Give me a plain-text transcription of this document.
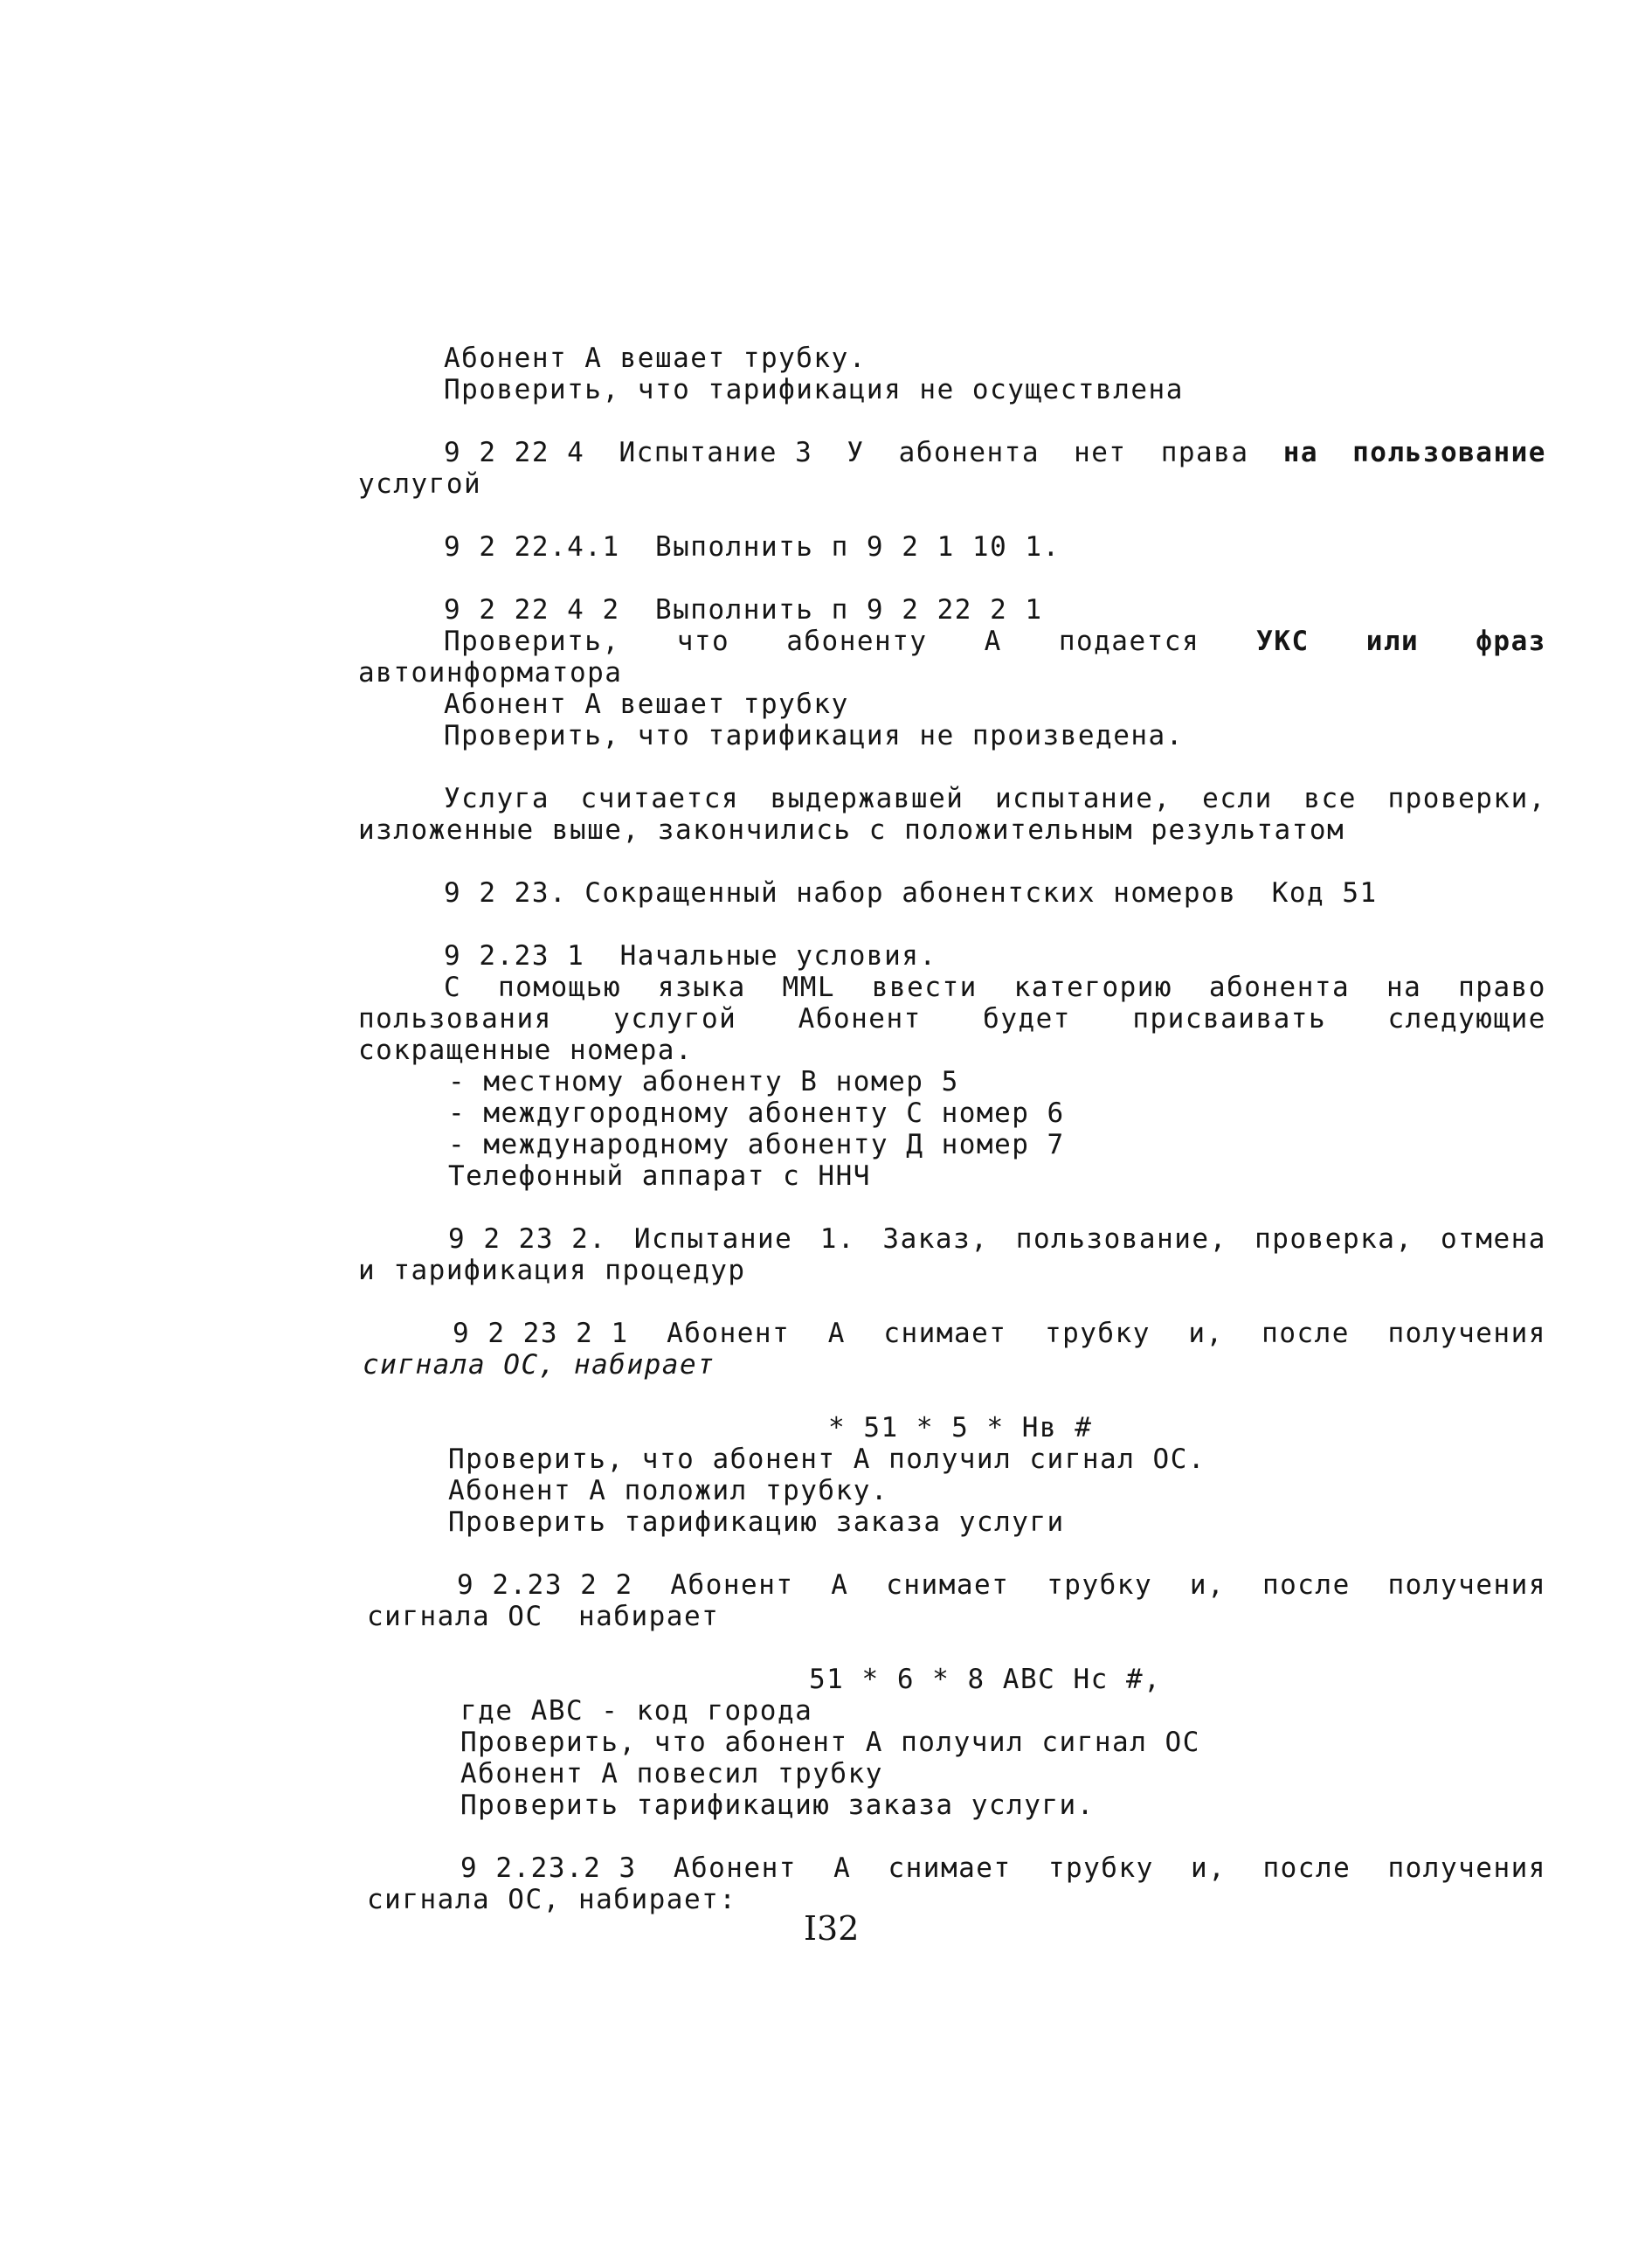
Абонент А вешает трубку.
Проверить, что тарификация не осуществлена
9 2 22 4 Испытание 3 У абонента нет права на пользование
услугой
9 2 22.4.1  Выполнить п 9 2 1 10 1.
9 2 22 4 2  Выполнить п 9 2 22 2 1
Проверить, что абоненту А подается УКС или фраз
автоинформатора
Абонент А вешает трубку
Проверить, что тарификация не произведена.
Услуга считается выдержавшей испытание, если все проверки,
изложенные выше, закончились с положительным результатом
9 2 23. Сокращенный набор абонентских номеров  Код 51
9 2.23 1  Начальные условия.
С помощью языка MML ввести категорию абонента на право
пользования услугой Абонент будет присваивать следующие
сокращенные номера.
- местному абоненту В номер 5
- междугородному абоненту С номер 6
- международному абоненту Д номер 7
Телефонный аппарат с ННЧ
9 2 23 2. Испытание 1. Заказ, пользование, проверка, отмена
и тарификация процедур
9 2 23 2 1 Абонент А снимает трубку и, после получения
сигнала ОС, набирает
* 51 * 5 * Нв #
Проверить, что абонент А получил сигнал ОС.
Абонент А положил трубку.
Проверить тарификацию заказа услуги
9 2.23 2 2 Абонент А снимает трубку и, после получения
сигнала ОС  набирает
51 * 6 * 8 АВС Нс #,
где АВС - код города
Проверить, что абонент А получил сигнал ОС
Абонент А повесил трубку
Проверить тарификацию заказа услуги.
9 2.23.2 3 Абонент А снимает трубку и, после получения
сигнала ОС, набирает:
I32
